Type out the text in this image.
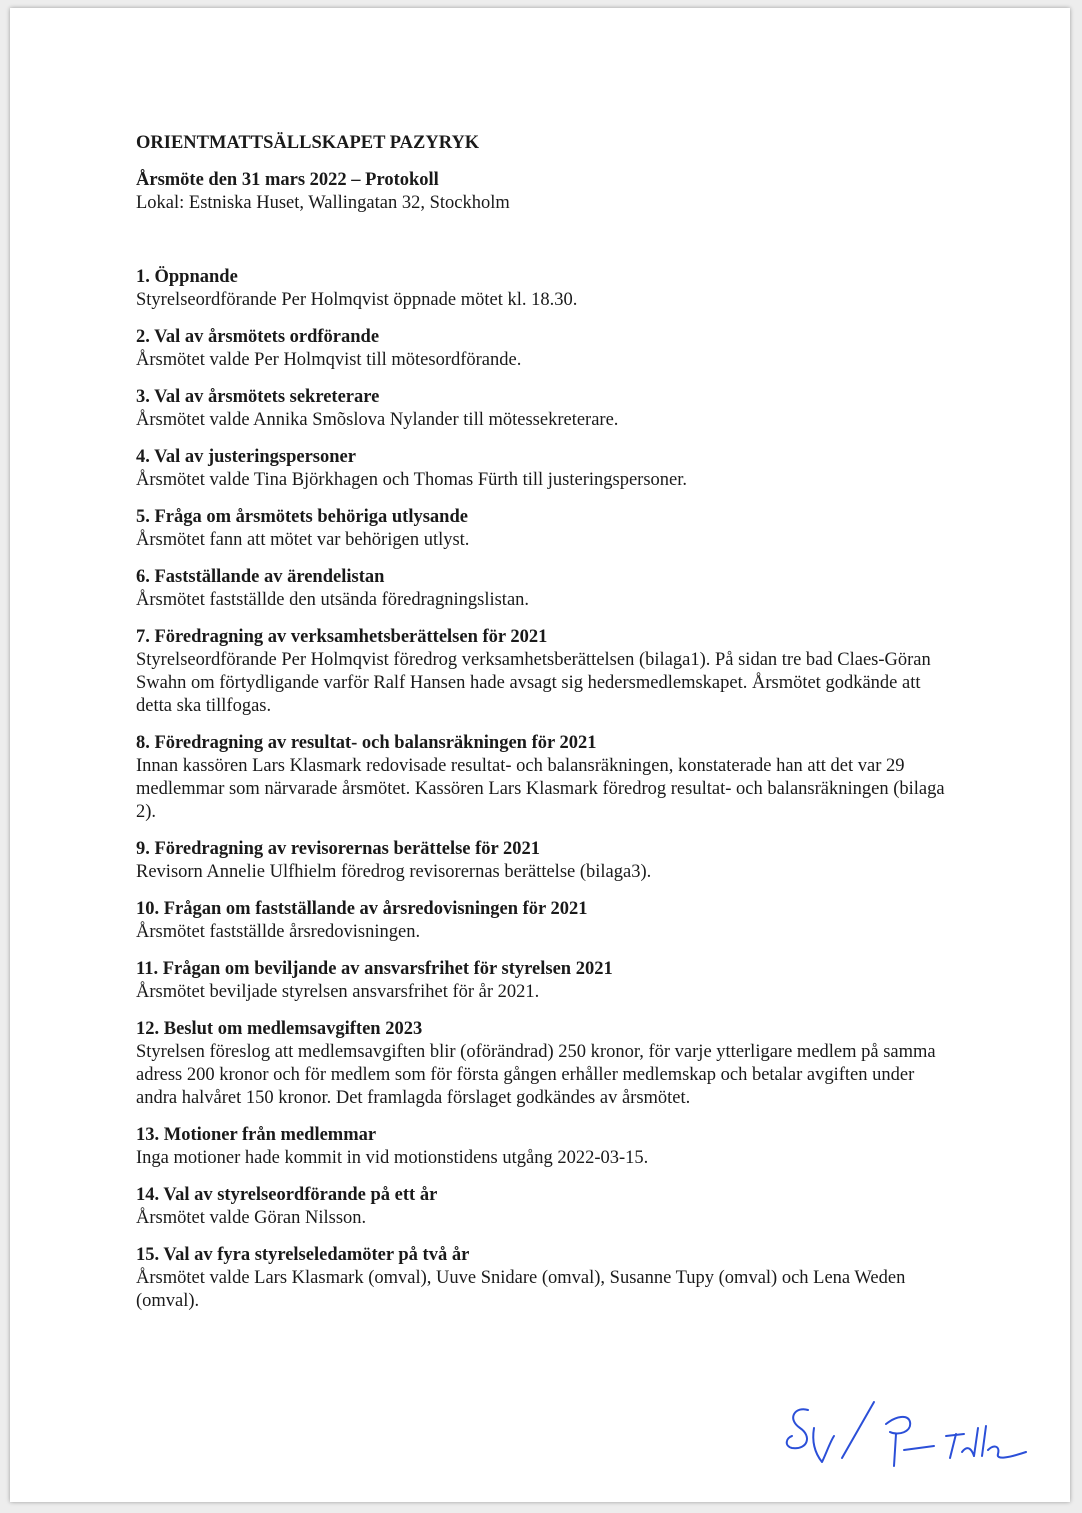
ORIENTMATTSÄLLSKAPET PAZYRYK
Årsmöte den 31 mars 2022 – Protokoll
Lokal: Estniska Huset, Wallingatan 32, Stockholm
1. Öppnande

Styrelseordförande Per Holmqvist öppnade mötet kl. 18.30.

2. Val av årsmötets ordförande

Årsmötet valde Per Holmqvist till mötesordförande.

3. Val av årsmötets sekreterare

Årsmötet valde Annika Smõslova Nylander till mötessekreterare.

4. Val av justeringspersoner

Årsmötet valde Tina Björkhagen och Thomas Fürth till justeringspersoner.

5. Fråga om årsmötets behöriga utlysande

Årsmötet fann att mötet var behörigen utlyst.

6. Fastställande av ärendelistan

Årsmötet fastställde den utsända föredragningslistan.

7. Föredragning av verksamhetsberättelsen för 2021

Styrelseordförande Per Holmqvist föredrog verksamhetsberättelsen (bilaga1). På sidan tre bad Claes-Göran Swahn om förtydligande varför Ralf Hansen hade avsagt sig hedersmedlemskapet. Årsmötet godkände att detta ska tillfogas.

8. Föredragning av resultat- och balansräkningen för 2021

Innan kassören Lars Klasmark redovisade resultat- och balansräkningen, konstaterade han att det var 29 medlemmar som närvarade årsmötet. Kassören Lars Klasmark föredrog resultat- och balansräkningen (bilaga 2).

9. Föredragning av revisorernas berättelse för 2021

Revisorn Annelie Ulfhielm föredrog revisorernas berättelse (bilaga3).

10. Frågan om fastställande av årsredovisningen för 2021

Årsmötet fastställde årsredovisningen.

11. Frågan om beviljande av ansvarsfrihet för styrelsen 2021

Årsmötet beviljade styrelsen ansvarsfrihet för år 2021.

12. Beslut om medlemsavgiften 2023

Styrelsen föreslog att medlemsavgiften blir (oförändrad) 250 kronor, för varje ytterligare medlem på samma adress 200 kronor och för medlem som för första gången erhåller medlemskap och betalar avgiften under andra halvåret 150 kronor. Det framlagda förslaget godkändes av årsmötet.

13. Motioner från medlemmar

Inga motioner hade kommit in vid motionstidens utgång 2022-03-15.

14. Val av styrelseordförande på ett år

Årsmötet valde Göran Nilsson.

15. Val av fyra styrelseledamöter på två år

Årsmötet valde Lars Klasmark (omval), Uuve Snidare (omval), Susanne Tupy (omval) och Lena Weden (omval).
